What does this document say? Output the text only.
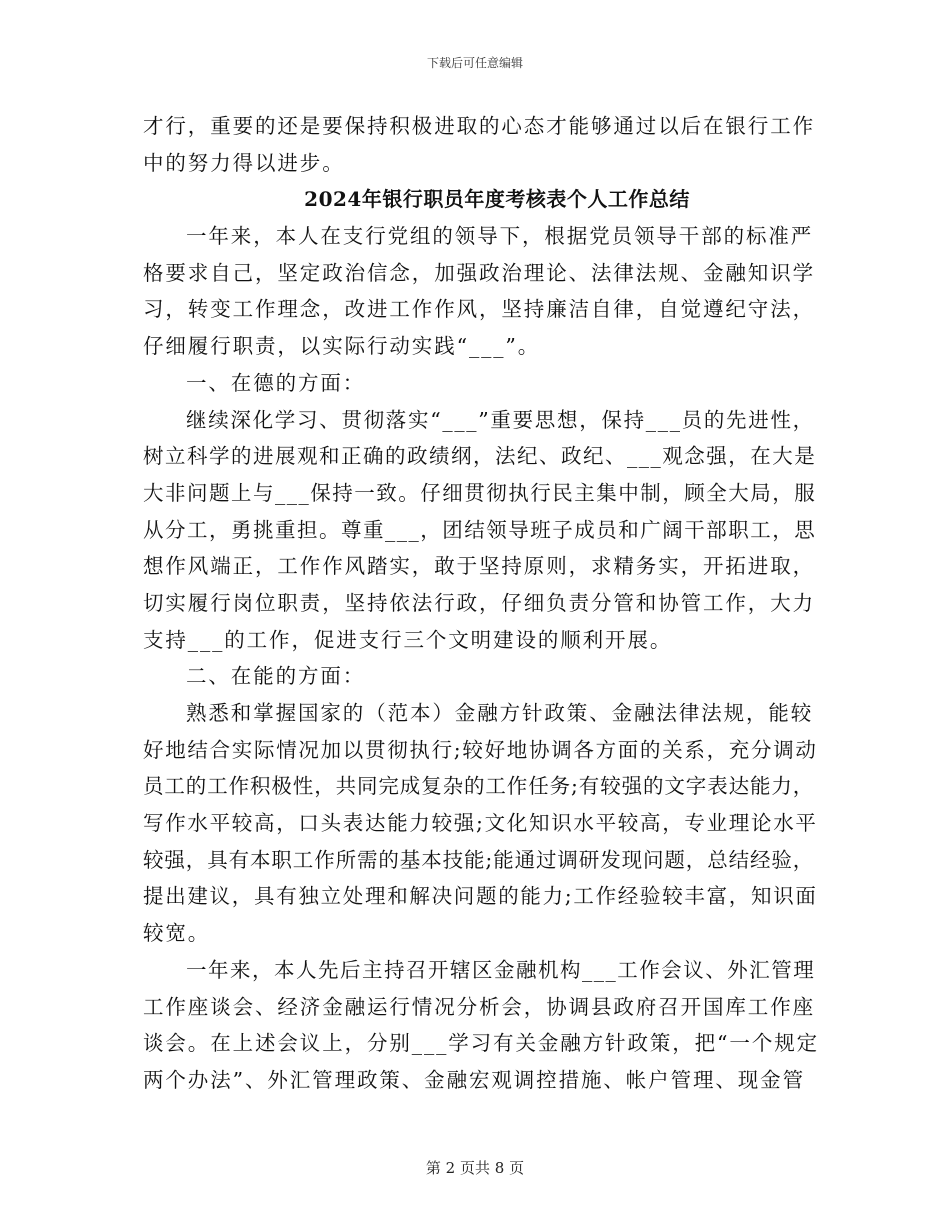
下载后可任意编辑
才行，重要的还是要保持积极进取的心态才能够通过以后在银行工作
中的努力得以进步。
2024年银行职员年度考核表个人工作总结
一年来，本人在支行党组的领导下，根据党员领导干部的标准严
格要求自己，坚定政治信念，加强政治理论、法律法规、金融知识学
习，转变工作理念，改进工作作风，坚持廉洁自律，自觉遵纪守法，
仔细履行职责，以实际行动实践“___”。
一、在德的方面：
继续深化学习、贯彻落实“___”重要思想，保持___员的先进性，
树立科学的进展观和正确的政绩纲，法纪、政纪、___观念强，在大是
大非问题上与___保持一致。仔细贯彻执行民主集中制，顾全大局，服
从分工，勇挑重担。尊重___，团结领导班子成员和广阔干部职工，思
想作风端正，工作作风踏实，敢于坚持原则，求精务实，开拓进取，
切实履行岗位职责，坚持依法行政，仔细负责分管和协管工作，大力
支持___的工作，促进支行三个文明建设的顺利开展。
二、在能的方面：
熟悉和掌握国家的（范本）金融方针政策、金融法律法规，能较
好地结合实际情况加以贯彻执行;较好地协调各方面的关系，充分调动
员工的工作积极性，共同完成复杂的工作任务;有较强的文字表达能力，
写作水平较高，口头表达能力较强;文化知识水平较高，专业理论水平
较强，具有本职工作所需的基本技能;能通过调研发现问题，总结经验，
提出建议，具有独立处理和解决问题的能力;工作经验较丰富，知识面
较宽。
一年来，本人先后主持召开辖区金融机构___工作会议、外汇管理
工作座谈会、经济金融运行情况分析会，协调县政府召开国库工作座
谈会。在上述会议上，分别___学习有关金融方针政策，把“一个规定
两个办法”、外汇管理政策、金融宏观调控措施、帐户管理、现金管
第 2 页共 8 页
